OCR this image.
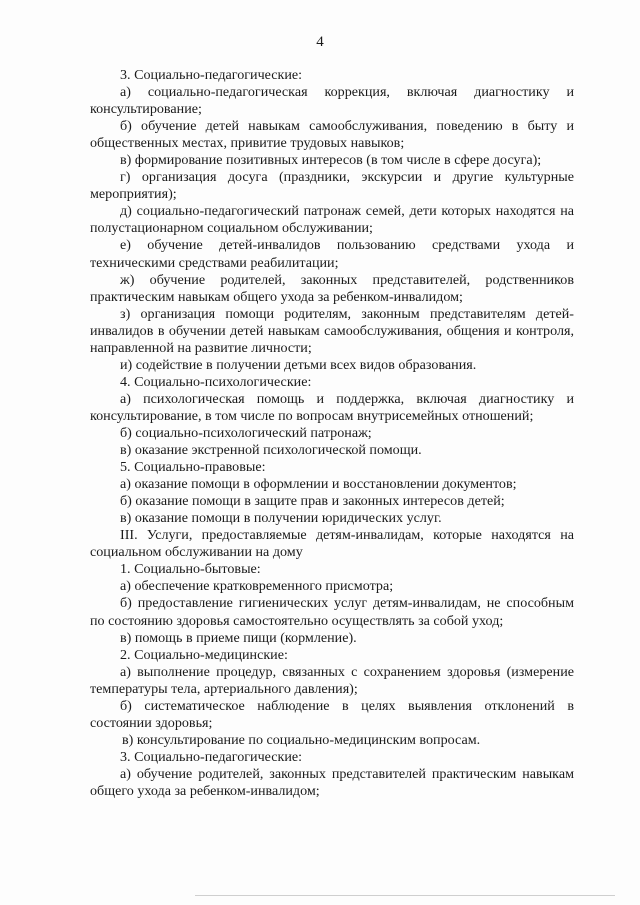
4

3. Социально-педагогические:

а) социально-педагогическая коррекция, включая диагностику и консультирование;

б) обучение детей навыкам самообслуживания, поведению в быту и общественных местах, привитие трудовых навыков;

в) формирование позитивных интересов (в том числе в сфере досуга);

г) организация досуга (праздники, экскурсии и другие культурные мероприятия);

д) социально-педагогический патронаж семей, дети которых находятся на полустационарном социальном обслуживании;

е) обучение детей-инвалидов пользованию средствами ухода и техническими средствами реабилитации;

ж) обучение родителей, законных представителей, родственников практическим навыкам общего ухода за ребенком-инвалидом;

з) организация помощи родителям, законным представителям детей-инвалидов в обучении детей навыкам самообслуживания, общения и контроля, направленной на развитие личности;

и) содействие в получении детьми всех видов образования.

4. Социально-психологические:

а) психологическая помощь и поддержка, включая диагностику и консультирование, в том числе по вопросам внутрисемейных отношений;

б) социально-психологический патронаж;

в) оказание экстренной психологической помощи.

5. Социально-правовые:

а) оказание помощи в оформлении и восстановлении документов;

б) оказание помощи в защите прав и законных интересов детей;

в) оказание помощи в получении юридических услуг.

III. Услуги, предоставляемые детям-инвалидам, которые находятся на социальном обслуживании на дому

1. Социально-бытовые:

а) обеспечение кратковременного присмотра;

б) предоставление гигиенических услуг детям-инвалидам, не способным по состоянию здоровья самостоятельно осуществлять за собой уход;

в) помощь в приеме пищи (кормление).

2. Социально-медицинские:

а) выполнение процедур, связанных с сохранением здоровья (измерение температуры тела, артериального давления);

б) систематическое наблюдение в целях выявления отклонений в состоянии здоровья;

в) консультирование по социально-медицинским вопросам.

3. Социально-педагогические:

а) обучение родителей, законных представителей практическим навыкам общего ухода за ребенком-инвалидом;
